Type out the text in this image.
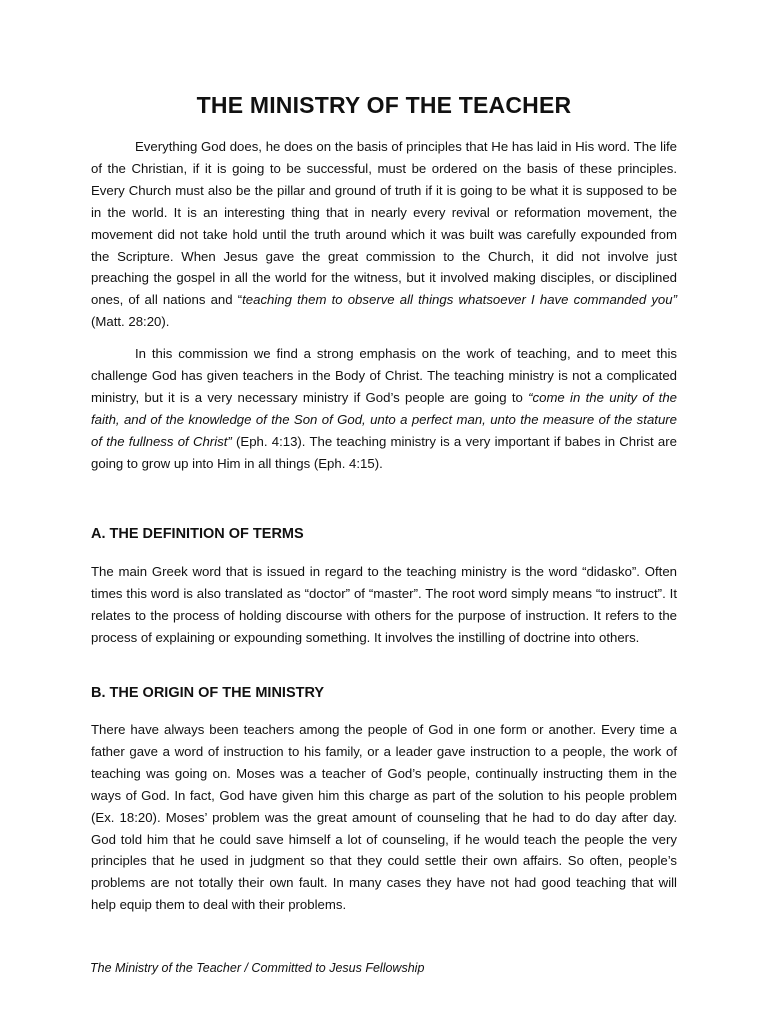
THE MINISTRY OF THE TEACHER

Everything God does, he does on the basis of principles that He has laid in His word. The life of the Christian, if it is going to be successful, must be ordered on the basis of these principles. Every Church must also be the pillar and ground of truth if it is going to be what it is supposed to be in the world. It is an interesting thing that in nearly every revival or reformation movement, the movement did not take hold until the truth around which it was built was carefully expounded from the Scripture. When Jesus gave the great commission to the Church, it did not involve just preaching the gospel in all the world for the witness, but it involved making disciples, or disciplined ones, of all nations and “teaching them to observe all things whatsoever I have commanded you” (Matt. 28:20).

In this commission we find a strong emphasis on the work of teaching, and to meet this challenge God has given teachers in the Body of Christ. The teaching ministry is not a complicated ministry, but it is a very necessary ministry if God’s people are going to “come in the unity of the faith, and of the knowledge of the Son of God, unto a perfect man, unto the measure of the stature of the fullness of Christ” (Eph. 4:13). The teaching ministry is a very important if babes in Christ are going to grow up into Him in all things (Eph. 4:15).

A. THE DEFINITION OF TERMS

The main Greek word that is issued in regard to the teaching ministry is the word “didasko”. Often times this word is also translated as “doctor” of “master”. The root word simply means “to instruct”. It relates to the process of holding discourse with others for the purpose of instruction. It refers to the process of explaining or expounding something. It involves the instilling of doctrine into others.

B. THE ORIGIN OF THE MINISTRY

There have always been teachers among the people of God in one form or another. Every time a father gave a word of instruction to his family, or a leader gave instruction to a people, the work of teaching was going on. Moses was a teacher of God’s people, continually instructing them in the ways of God. In fact, God have given him this charge as part of the solution to his people problem (Ex. 18:20). Moses’ problem was the great amount of counseling that he had to do day after day. God told him that he could save himself a lot of counseling, if he would teach the people the very principles that he used in judgment so that they could settle their own affairs. So often, people’s problems are not totally their own fault. In many cases they have not had good teaching that will help equip them to deal with their problems.

The Ministry of the Teacher / Committed to Jesus Fellowship
